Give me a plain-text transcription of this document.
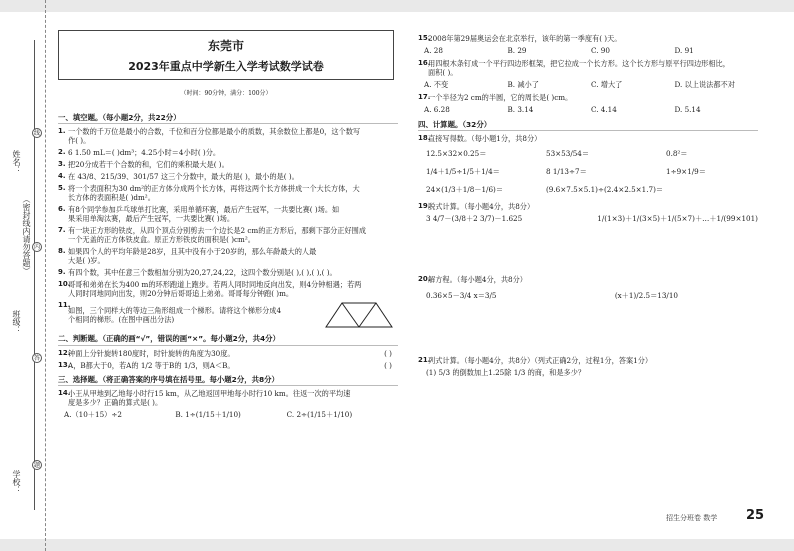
姓名：
（密封线内请勿答题）
班级：
学校：
线
内
答
题
东莞市
2023年重点中学新生入学考试数学试卷
（时间：90分钟，满分：100分）
一、填空题。（每小题2分，共22分）
1. 一个数的千万位是最小的合数，千位和百分位都是最小的质数，其余数位上都是0，这个数写
作( )。
2. 6 1.50 mL＝( )dm³；4.25小时＝4小时( )分。
3. 把20分成若干个合数的和，它们的乘积最大是( )。
4. 在 43/8、215/39、301/57 这三个分数中，最大的是( )，最小的是( )。
5. 将一个表面积为30 dm²的正方体分成两个长方体，再将这两个长方体拼成一个大长方体，大
长方体的表面积是( )dm²。
6. 有8个同学参加乒乓球单打比赛，采用单循环赛，最后产生冠军，一共要比赛( )场。如
果采用单淘汰赛，最后产生冠军，一共要比赛( )场。
7. 有一块正方形的铁皮，从四个顶点分别剪去一个边长是2 cm的正方形后，那剩下部分正好围成
一个无盖的正方体铁皮盒。原正方形铁皮的面积是( )cm²。
8. 如果四个人的平均年龄是28岁，且其中没有小于20岁的，那么年龄最大的人最
大是( )岁。
9. 有四个数，其中任意三个数相加分别为20,27,24,22，这四个数分别是( ),( ),( ),( )。
10.
哥哥和弟弟在长为400 m的环形跑道上跑步。若两人同时同地反向出发，则4分钟相遇；若两
人同时同地同向出发，则20分钟后哥哥追上弟弟。哥哥每分钟跑( )m。
11.
如图，三个同样大的等边三角形组成一个梯形。请将这个梯形分成4
个相同的梯形。(在图中画出分法)
二、判断题。（正确的画“√”，错误的画“×”。每小题2分，共4分）
12.	( )
钟面上分针旋转180度时，时针旋转的角度为30度。
13.	( )
A，B都大于0，若A的 1/2 等于B的 1/3，则A＜B。
三、选择题。（将正确答案的序号填在括号里。每小题2分，共8分）
14.
小王从甲地到乙地每小时行15 km，从乙地返回甲地每小时行10 km。往返一次的平均速
度是多少？正确的算式是( )。
A.（10＋15）÷2	B. 1÷(1/15＋1/10)	C. 2÷(1/15＋1/10)
15.
2008年第29届奥运会在北京举行，该年的第一季度有( )天。
A. 28	B. 29	C. 90	D. 91
16.
用四根木条钉成一个平行四边形框架，把它拉成一个长方形。这个长方形与原平行四边形相比，
面积( )。
A. 不变	B. 减小了	C. 增大了	D. 以上说法都不对
17.
一个半径为2 cm的半圆，它的周长是( )cm。
A. 6.28	B. 3.14	C. 4.14	D. 5.14
四、计算题。（32分）
18.
直接写得数。（每小题1分，共8分）
12.5×32×0.25＝	53×53/54＝	0.8²＝
1/4＋1/5÷1/5＋1/4＝	8 1/13÷7＝	1÷9×1/9＝
24×(1/3＋1/8－1/6)＝	(9.6×7.5×5.1)÷(2.4×2.5×1.7)＝
19.
脱式计算。（每小题4分，共8分）
3 4/7－(3/8＋2 3/7)－1.625	1/(1×3)＋1/(3×5)＋1/(5×7)＋…＋1/(99×101)
20.
解方程。（每小题4分，共8分）
0.36×5－3/4 x＝3/5	(x＋1)/2.5＝13/10
21.
列式计算。（每小题4分，共8分）（列式正确2分，过程1分，答案1分）
(1) 5/3 的倒数加上1.25除 1/3 的商，和是多少？
招生分班卷 数学 25
